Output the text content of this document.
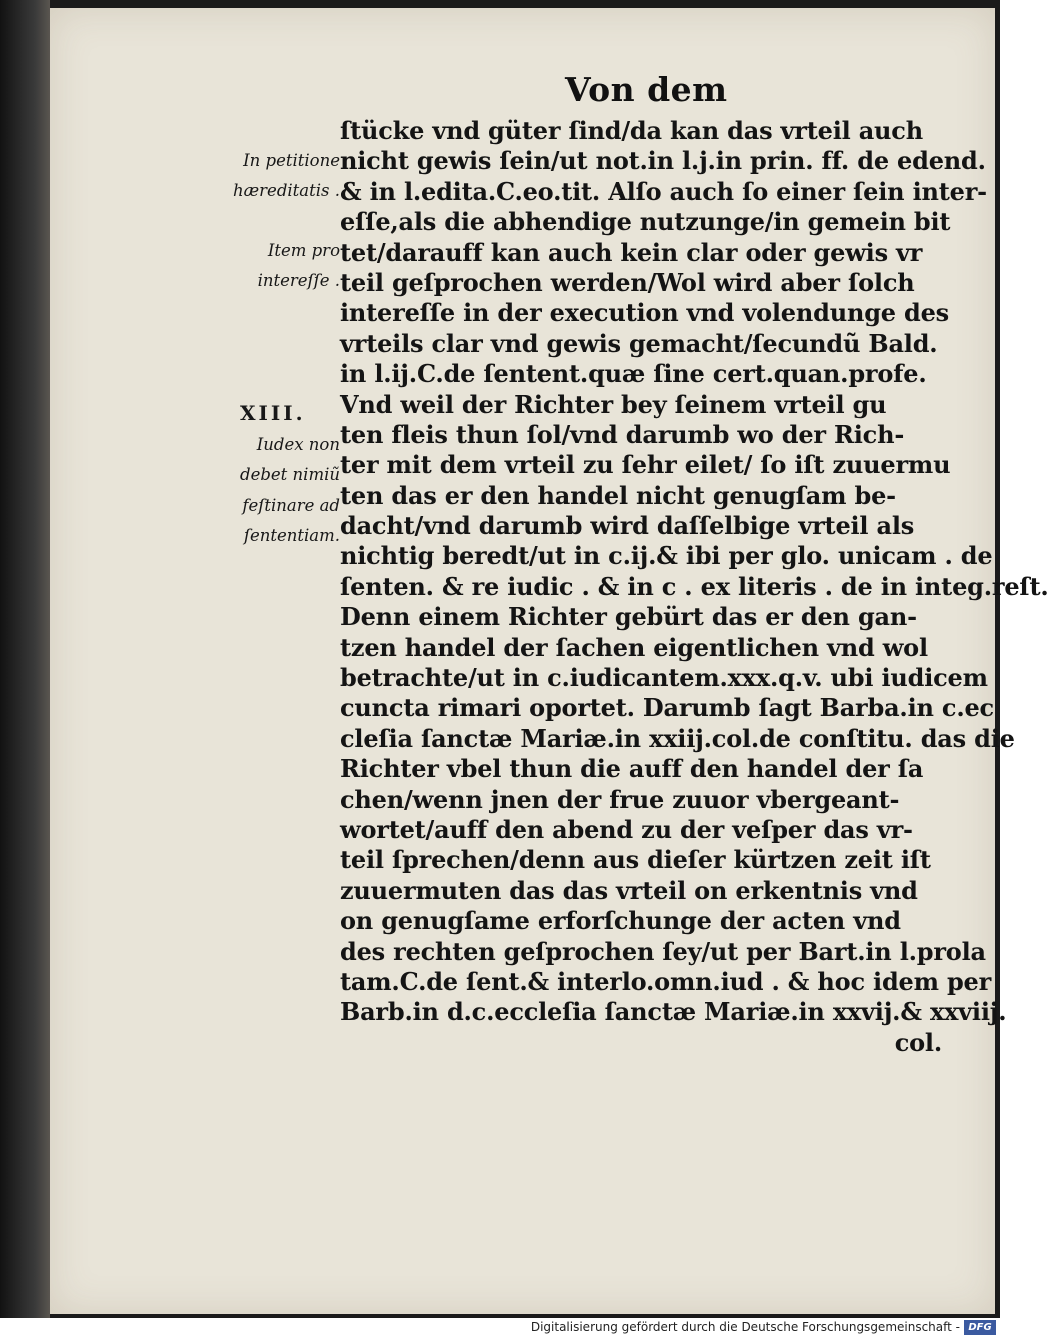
Von dem
In petitione
hæreditatis .
Item pro
intereſſe .
XIII.
Iudex non
debet nimiũ
feſtinare ad
ſententiam.
ſtücke vnd güter ſind/da kan das vrteil auch
nicht gewis ſein/ut not.in l.j.in prin. ff. de edend.
& in l.edita.C.eo.tit. Alſo auch ſo einer ſein inter-
eſſe,als die abhendige nutzunge/in gemein bit
tet/darauff kan auch kein clar oder gewis vr
teil geſprochen werden/Wol wird aber ſolch
intereſſe in der execution vnd volendunge des
vrteils clar vnd gewis gemacht/ſecundũ Bald.
in l.ij.C.de ſentent.quæ ſine cert.quan.profe.
Vnd weil der Richter bey ſeinem vrteil gu
ten fleis thun ſol/vnd darumb wo der Rich-
ter mit dem vrteil zu ſehr eilet/ ſo iſt zuuermu
ten das er den handel nicht genugſam be-
dacht/vnd darumb wird daſſelbige vrteil als
nichtig beredt/ut in c.ij.& ibi per glo. unicam . de
ſenten. & re iudic . & in c . ex literis . de in integ.reſt.
Denn einem Richter gebürt das er den gan-
tzen handel der ſachen eigentlichen vnd wol
betrachte/ut in c.iudicantem.xxx.q.v. ubi iudicem
cuncta rimari oportet. Darumb ſagt Barba.in c.ec
cleſia ſanctæ Mariæ.in xxiij.col.de conſtitu. das die
Richter vbel thun die auff den handel der ſa
chen/wenn jnen der frue zuuor vbergeant-
wortet/auff den abend zu der veſper das vr-
teil ſprechen/denn aus dieſer kürtzen zeit iſt
zuuermuten das das vrteil on erkentnis vnd
on genugſame erforſchunge der acten vnd
des rechten geſprochen ſey/ut per Bart.in l.prola
tam.C.de ſent.& interlo.omn.iud . & hoc idem per
Barb.in d.c.eccleſia ſanctæ Mariæ.in xxvij.& xxviij.
col.
Digitalisierung gefördert durch die Deutsche Forschungsgemeinschaft - DFG
